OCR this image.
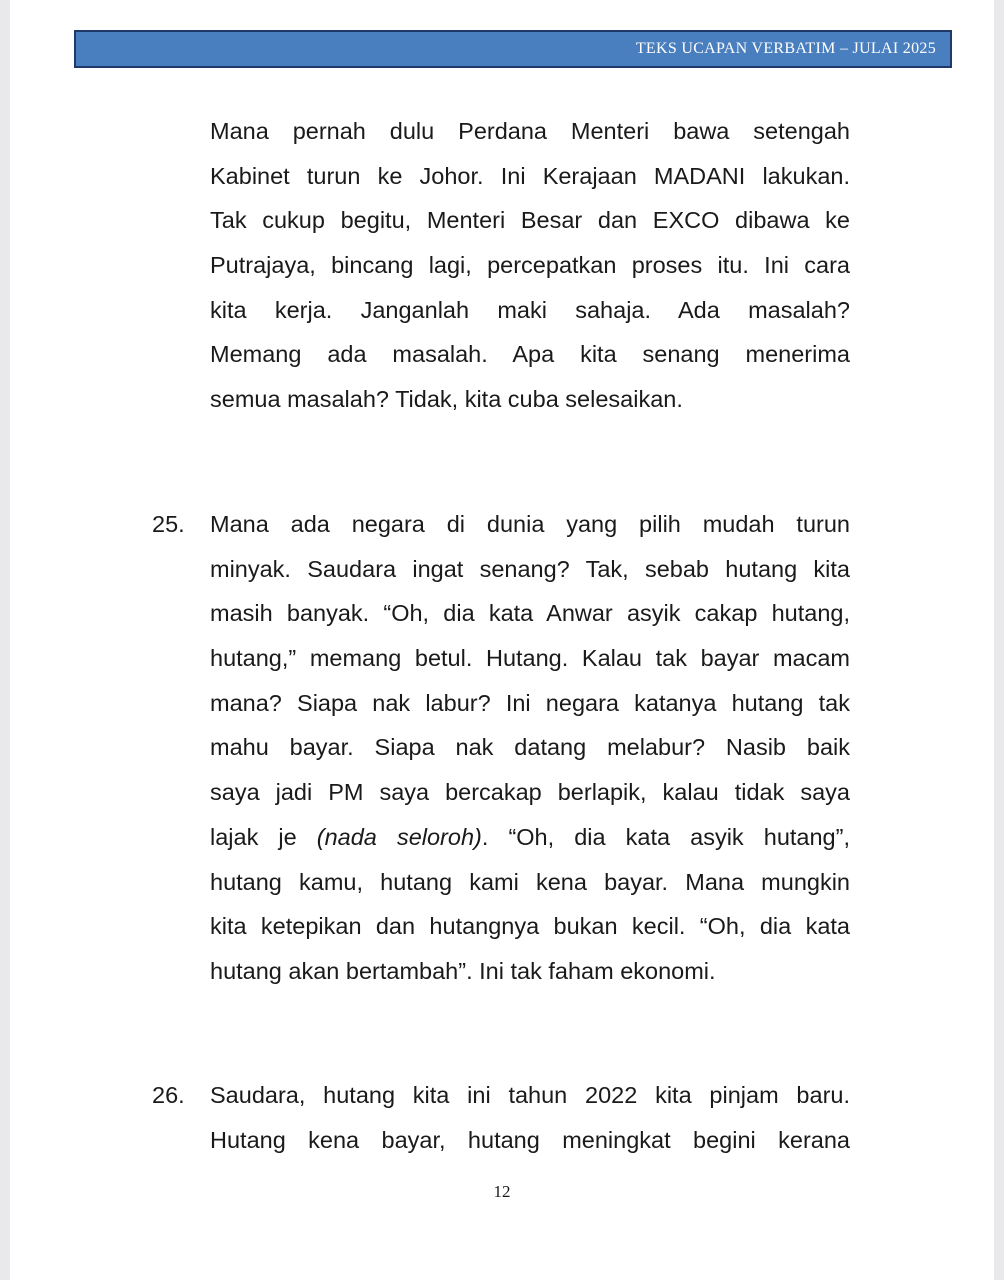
TEKS UCAPAN VERBATIM – JULAI 2025
Mana pernah dulu Perdana Menteri bawa setengah
Kabinet turun ke Johor. Ini Kerajaan MADANI lakukan.
Tak cukup begitu, Menteri Besar dan EXCO dibawa ke
Putrajaya, bincang lagi, percepatkan proses itu. Ini cara
kita kerja. Janganlah maki sahaja. Ada masalah?
Memang ada masalah. Apa kita senang menerima
semua masalah? Tidak, kita cuba selesaikan.
25. Mana ada negara di dunia yang pilih mudah turun
minyak. Saudara ingat senang? Tak, sebab hutang kita
masih banyak. “Oh, dia kata Anwar asyik cakap hutang,
hutang,” memang betul. Hutang. Kalau tak bayar macam
mana? Siapa nak labur? Ini negara katanya hutang tak
mahu bayar. Siapa nak datang melabur? Nasib baik
saya jadi PM saya bercakap berlapik, kalau tidak saya
lajak je (nada seloroh). “Oh, dia kata asyik hutang”,
hutang kamu, hutang kami kena bayar. Mana mungkin
kita ketepikan dan hutangnya bukan kecil. “Oh, dia kata
hutang akan bertambah”. Ini tak faham ekonomi.
26. Saudara, hutang kita ini tahun 2022 kita pinjam baru.
Hutang kena bayar, hutang meningkat begini kerana
12
